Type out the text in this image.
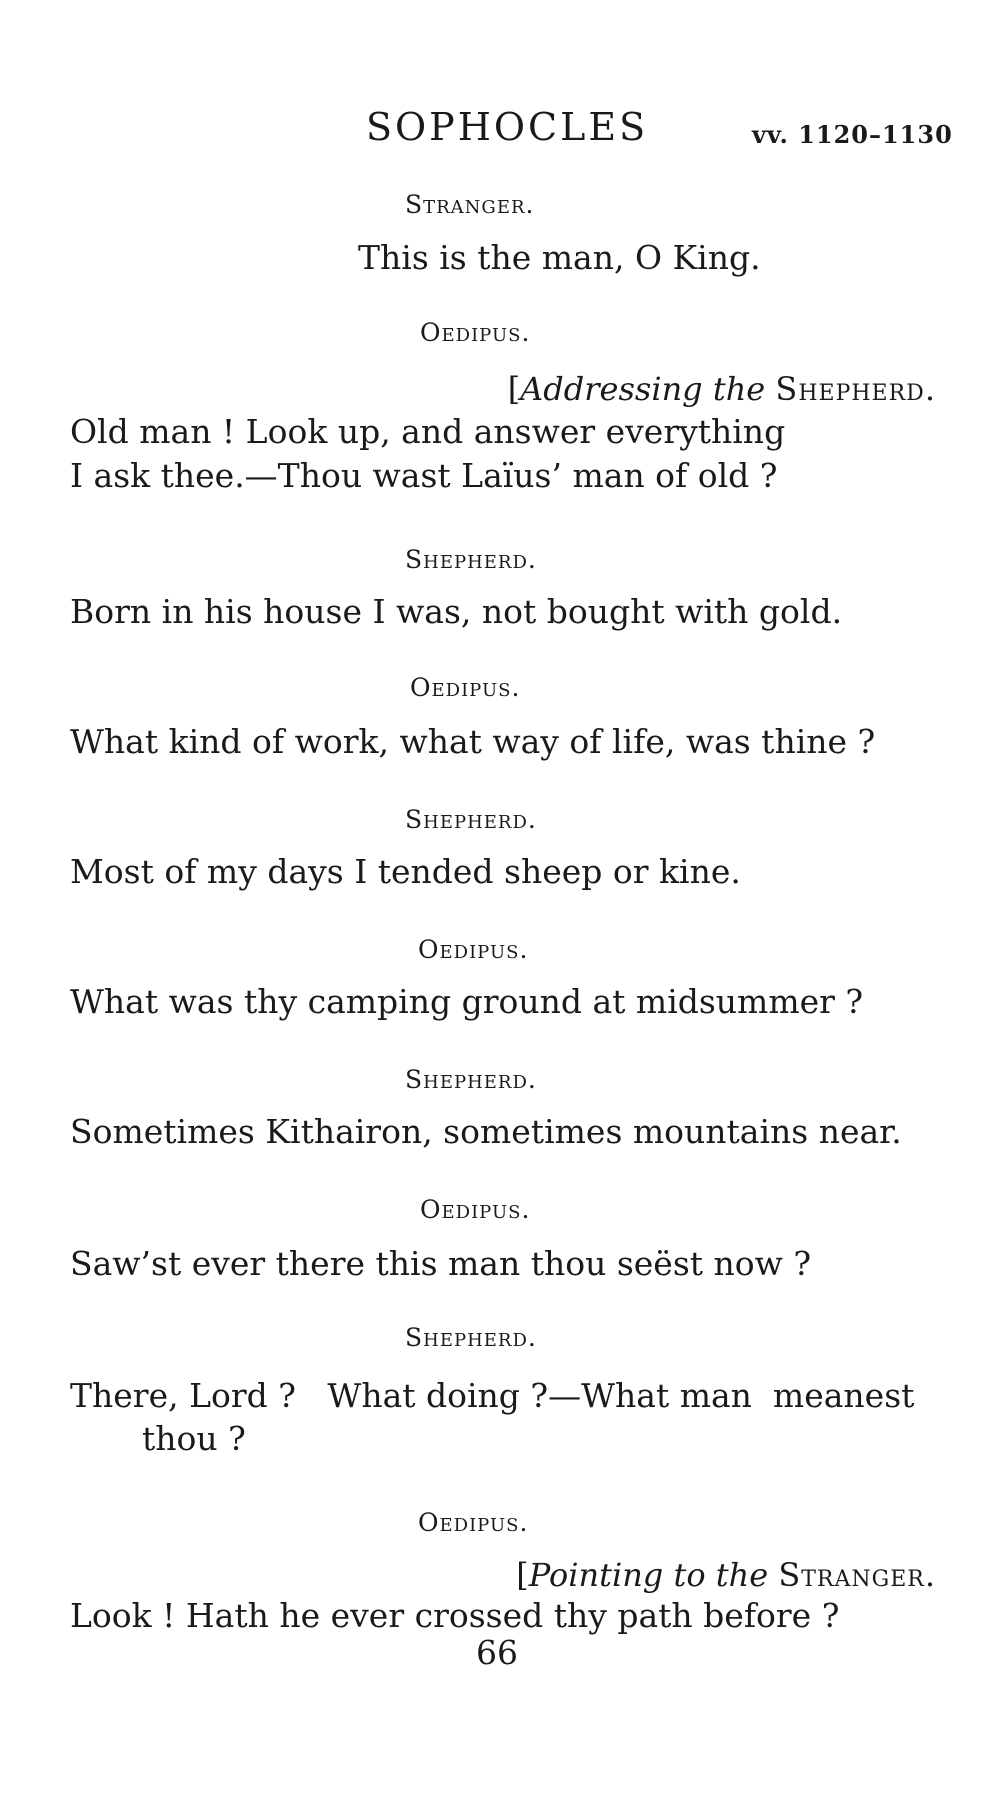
SOPHOCLES	vv. 1120–1130
Stranger.
This is the man, O King.
Oedipus.
[Addressing the Shepherd.
Old man ! Look up, and answer everything
I ask thee.—Thou wast Laïus’ man of old ?
Shepherd.
Born in his house I was, not bought with gold.
Oedipus.
What kind of work, what way of life, was thine ?
Shepherd.
Most of my days I tended sheep or kine.
Oedipus.
What was thy camping ground at midsummer ?
Shepherd.
Sometimes Kithairon, sometimes mountains near.
Oedipus.
Saw’st ever there this man thou seëst now ?
Shepherd.
There, Lord ?   What doing ?—What man  meanest
thou ?
Oedipus.
[Pointing to the Stranger.
Look ! Hath he ever crossed thy path before ?
66
